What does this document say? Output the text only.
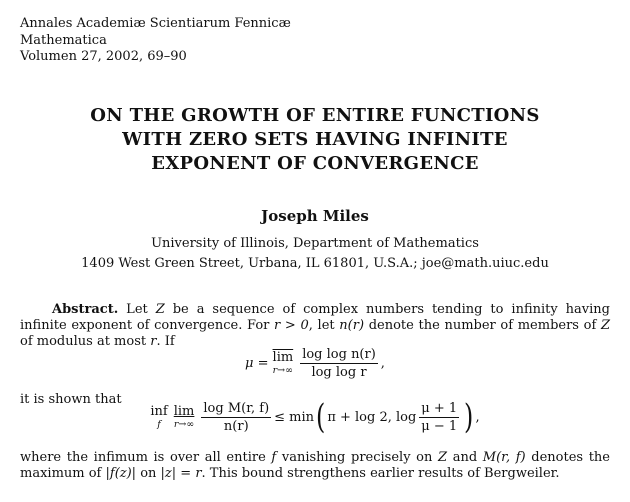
Annales Academiæ Scientiarum Fennicæ
Mathematica
Volumen 27, 2002, 69–90
ON THE GROWTH OF ENTIRE FUNCTIONS
WITH ZERO SETS HAVING INFINITE
EXPONENT OF CONVERGENCE
Joseph Miles
University of Illinois, Department of Mathematics
1409 West Green Street, Urbana, IL 61801, U.S.A.; joe@math.uiuc.edu
Abstract. Let Z be a sequence of complex numbers tending to infinity having infinite exponent of convergence. For r > 0, let n(r) denote the number of members of Z of modulus at most r. If
$\mu = \overline{lim}$
$r\to\infty \frac{\text{log log n(r)}}{\text{log log r}}$ ,
it is shown that
inf
f
lim
$r\to\infty \frac{\text{log M(r, f)}}{n(r)} \le \min$ ( π + log 2, $\log \frac{\mu + 1}{\mu - 1}$ ) ,
where the infimum is over all entire f vanishing precisely on Z and M(r, f) denotes the maximum of |f(z)| on |z| = r. This bound strengthens earlier results of Bergweiler.
